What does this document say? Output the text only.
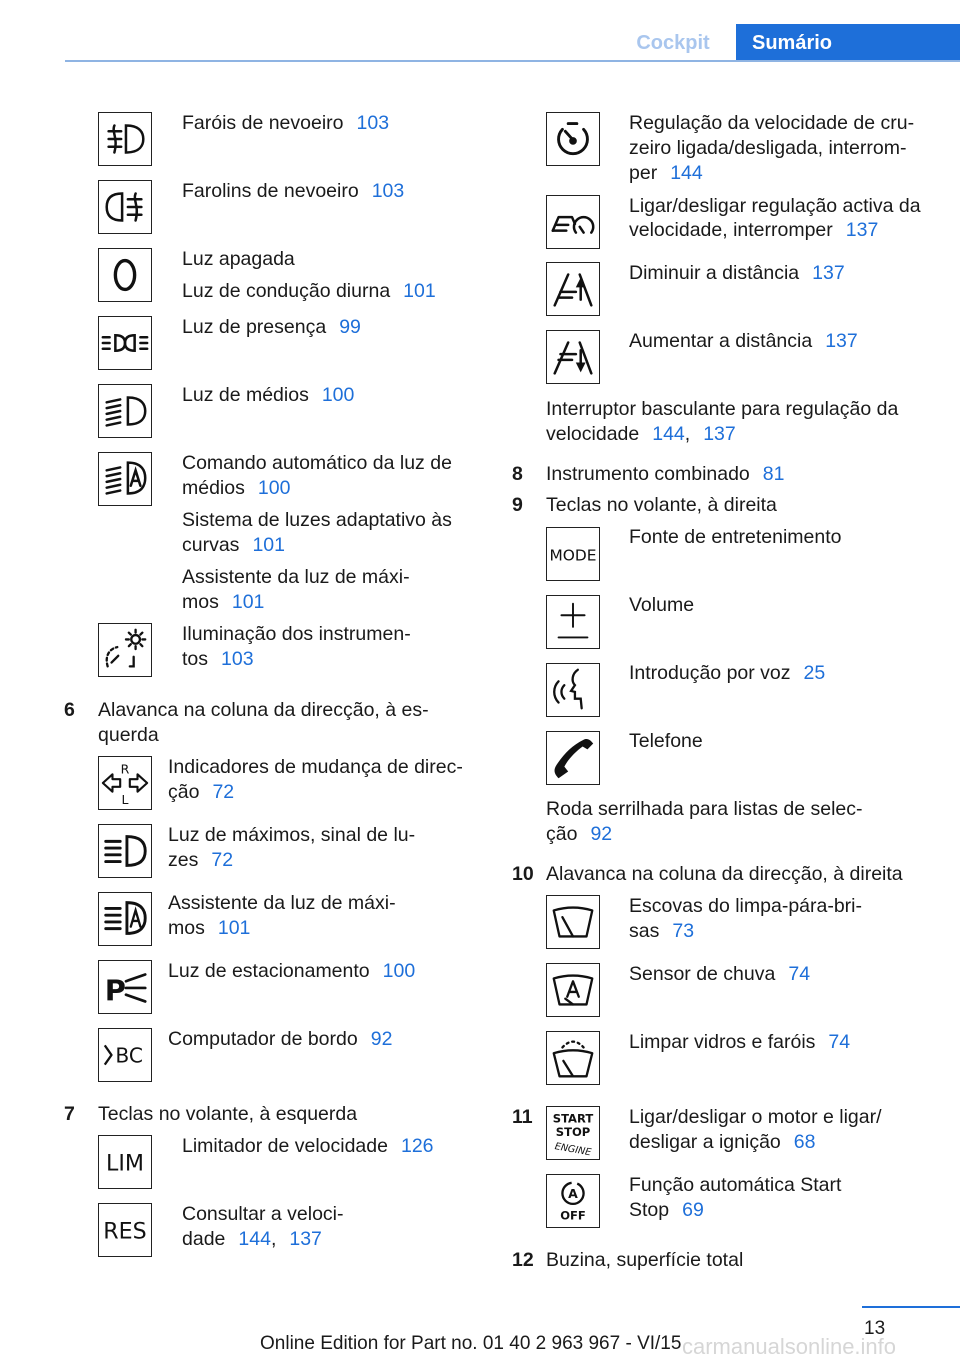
Cockpit	Sumário
Faróis de nevoeiro 103
Farolins de nevoeiro 103
Luz apagada
Luz de condução diurna 101
Luz de presença 99
Luz de médios 100
Comando automático da luz de
médios 100
Sistema de luzes adaptativo às
curvas 101
Assistente da luz de máxi-
mos 101
Iluminação dos instrumen-
tos 103
6 Alavanca na coluna da direcção, à es-
querda
R
L
Indicadores de mudança de direc-
ção 72
Luz de máximos, sinal de lu-
zes 72
Assistente da luz de máxi-
mos 101
P
Luz de estacionamento 100
BC
Computador de bordo 92
7 Teclas no volante, à esquerda
LIM
Limitador de velocidade 126
RES
Consultar a veloci-
dade 144, 137
Regulação da velocidade de cru-
zeiro ligada/desligada, interrom-
per 144
Ligar/desligar regulação activa da
velocidade, interromper 137
Diminuir a distância 137
Aumentar a distância 137
Interruptor basculante para regulação da
velocidade 144, 137
8 Instrumento combinado 81
9 Teclas no volante, à direita
MODE
Fonte de entretenimento
Volume
Introdução por voz 25
Telefone
Roda serrilhada para listas de selec-
ção 92
10 Alavanca na coluna da direcção, à direita
Escovas do limpa-pára-bri-
sas 73
Sensor de chuva 74
Limpar vidros e faróis 74
11 START
STOP
ENGINE
Ligar/desligar o motor e ligar/
desligar a ignição 68
A
OFF
Função automática Start
Stop 69
12 Buzina, superfície total
13
carmanualsonline.info
Online Edition for Part no. 01 40 2 963 967 - VI/15
